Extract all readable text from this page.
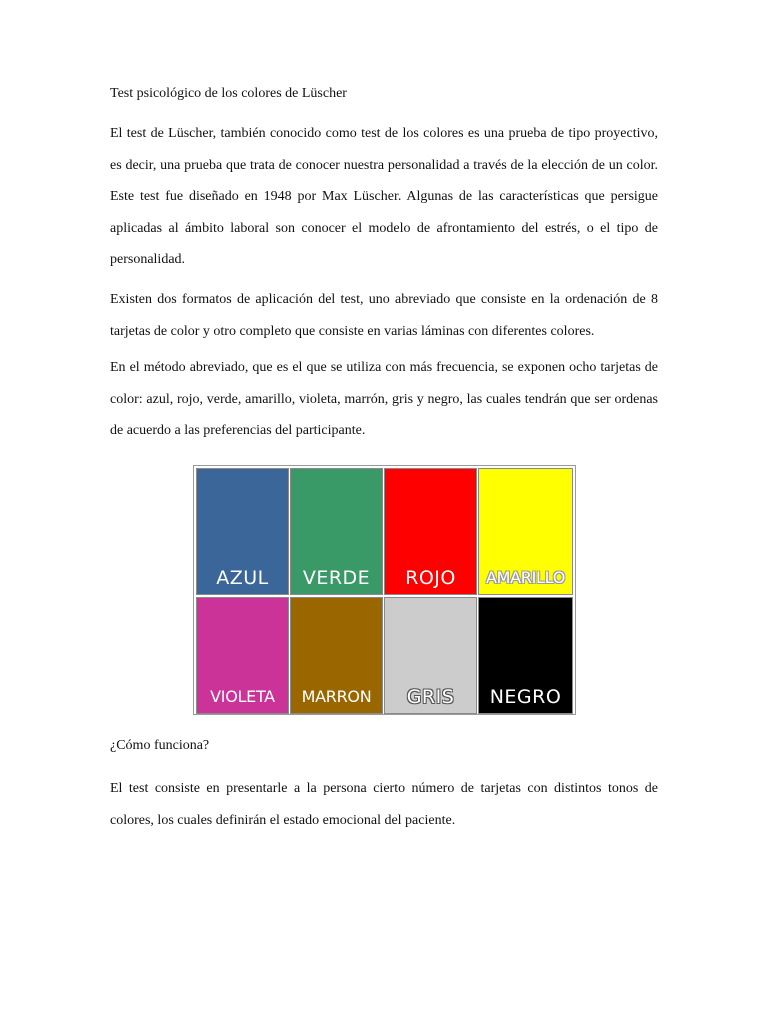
Test psicológico de los colores de Lüscher

El test de Lüscher, también conocido como test de los colores es una prueba de tipo proyectivo, es decir, una prueba que trata de conocer nuestra personalidad a través de la elección de un color. Este test fue diseñado en 1948 por Max Lüscher. Algunas de las características que persigue aplicadas al ámbito laboral son conocer el modelo de afrontamiento del estrés, o el tipo de personalidad.

Existen dos formatos de aplicación del test, uno abreviado que consiste en la ordenación de 8 tarjetas de color y otro completo que consiste en varias láminas con diferentes colores.

En el método abreviado, que es el que se utiliza con más frecuencia, se exponen ocho tarjetas de color: azul, rojo, verde, amarillo, violeta, marrón, gris y negro, las cuales tendrán que ser ordenas de acuerdo a las preferencias del participante.

AZUL VERDE ROJO AMARILLO
VIOLETA MARRON GRIS NEGRO
¿Cómo funciona?

El test consiste en presentarle a la persona cierto número de tarjetas con distintos tonos de colores, los cuales definirán el estado emocional del paciente.
